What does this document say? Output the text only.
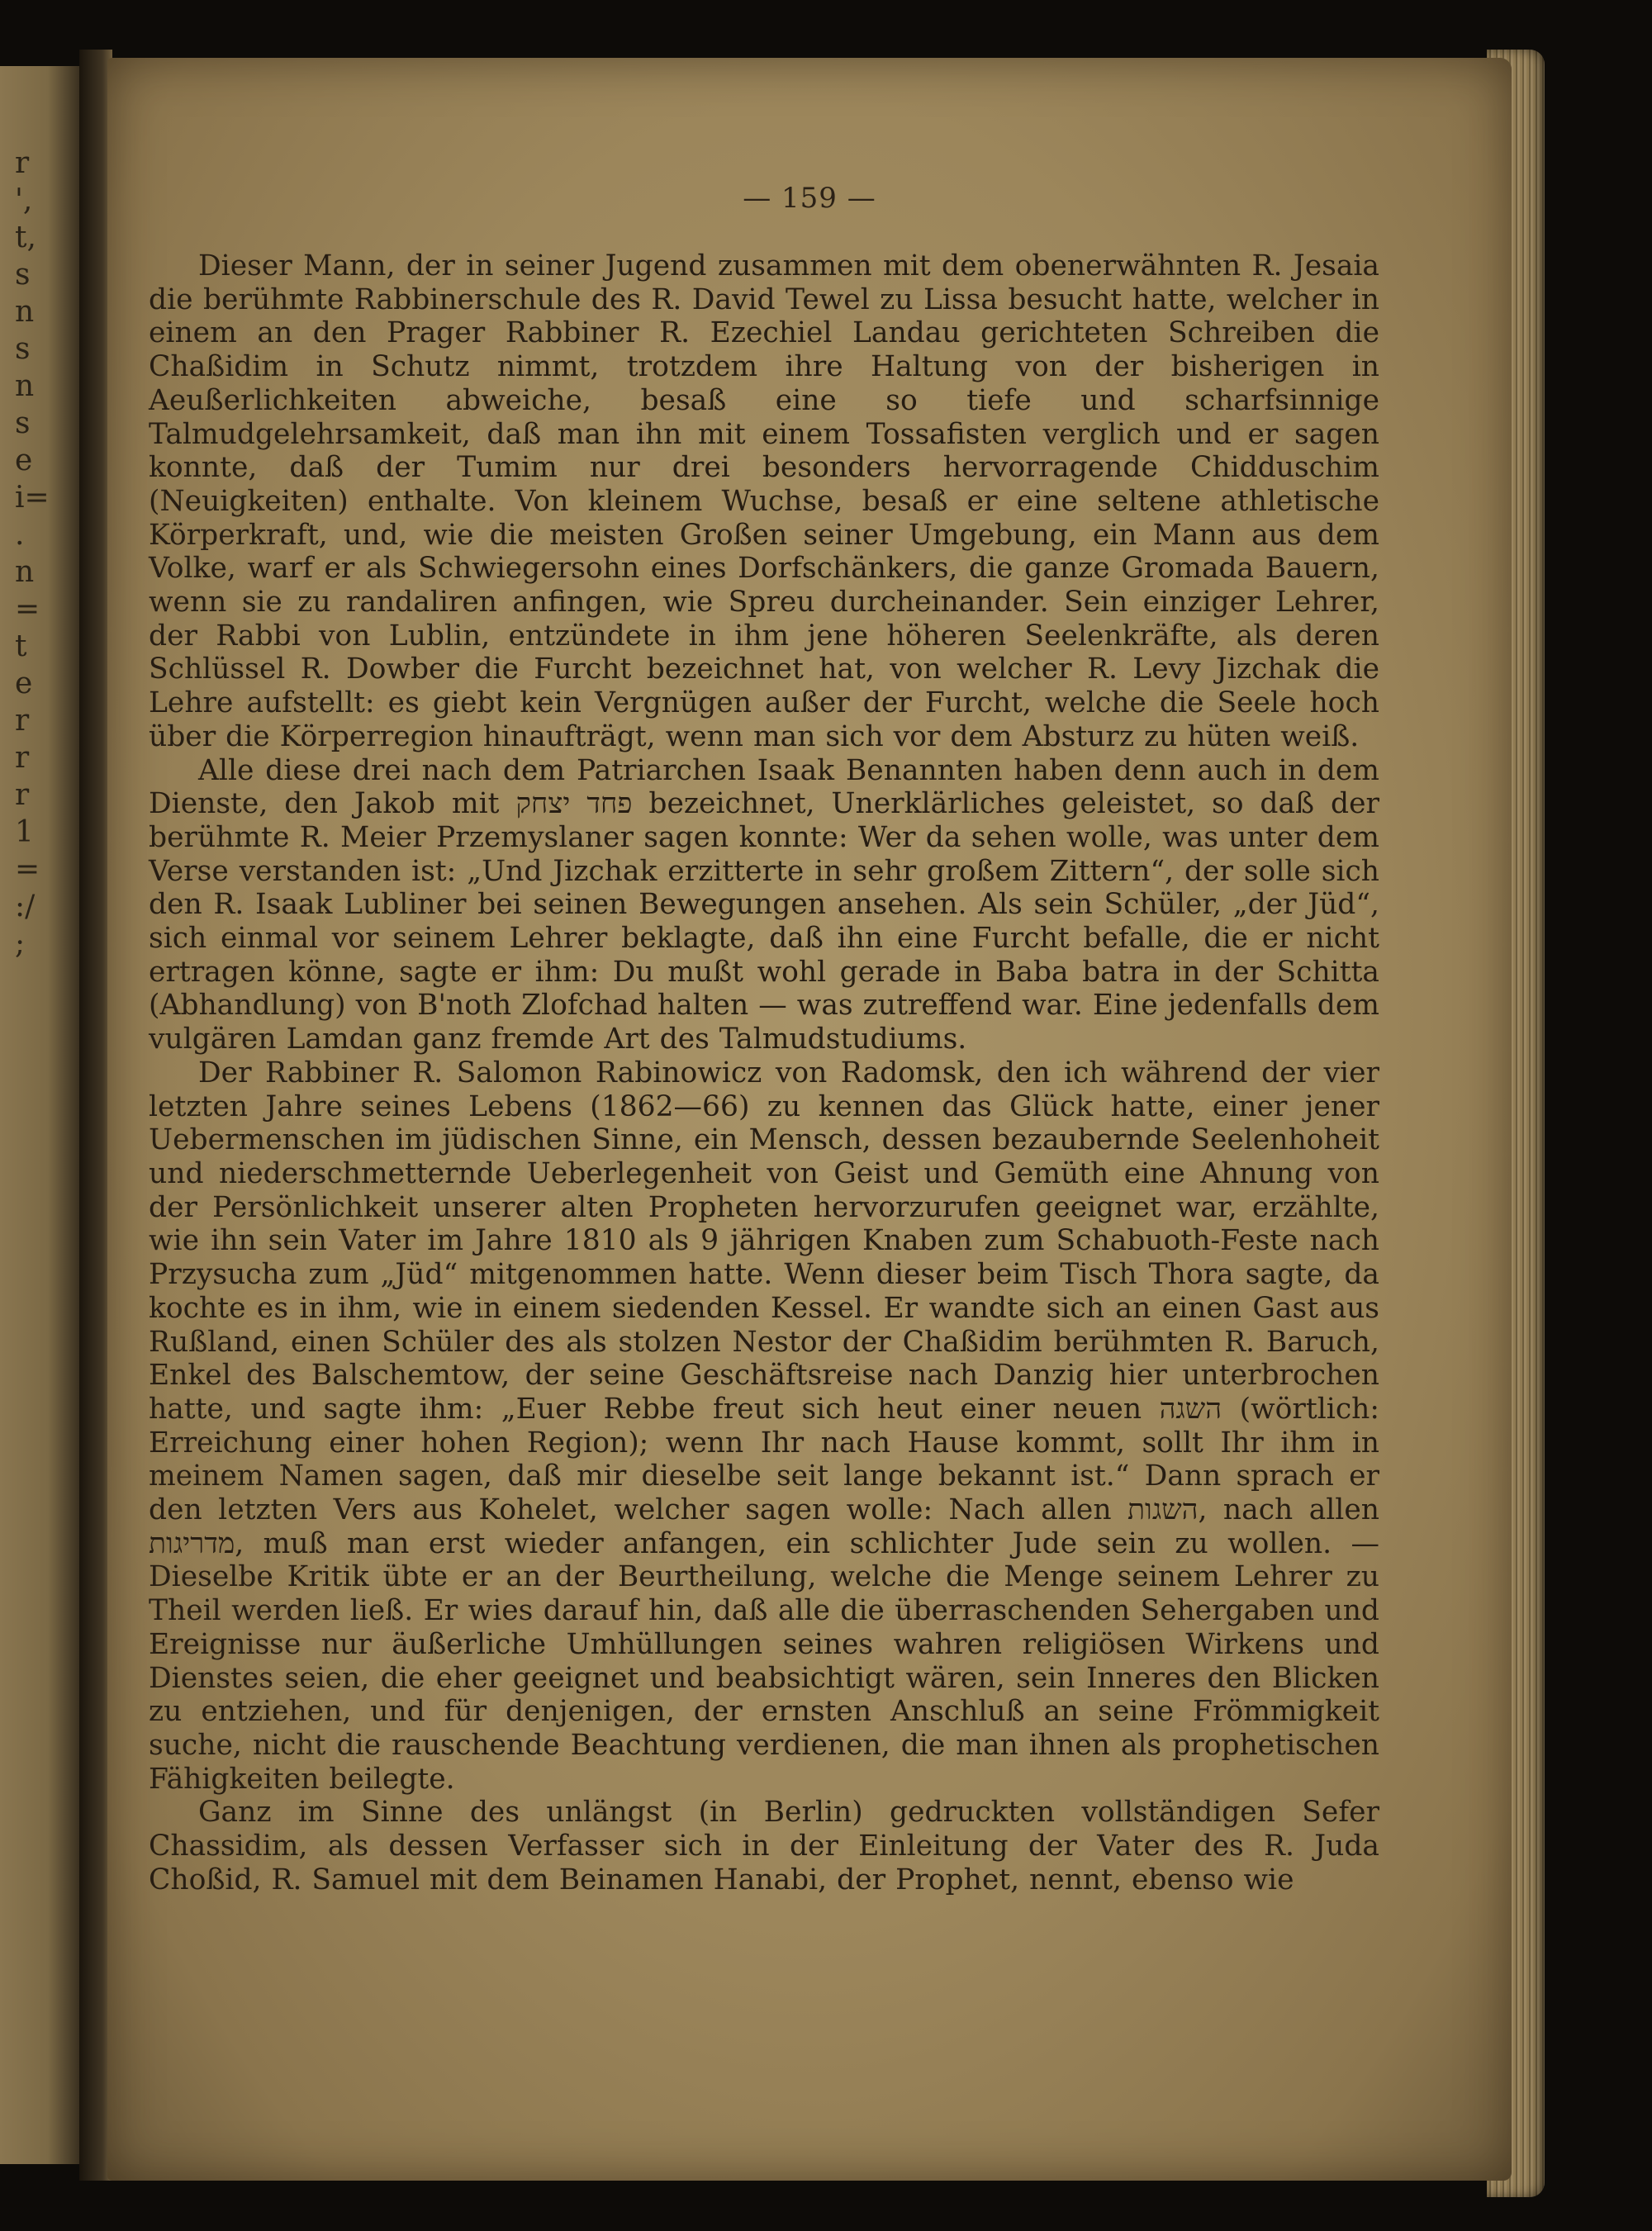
r
',
t,
s
n
s
n
s
e
i=
.
n
=
t
e
r
r
r
1
=
:/
;
— 159 —

Dieser Mann, der in seiner Jugend zusammen mit dem obenerwähnten R. Jesaia die berühmte Rabbinerschule des R. David Tewel zu Lissa besucht hatte, welcher in einem an den Prager Rabbiner R. Ezechiel Landau gerichteten Schreiben die Chaßidim in Schutz nimmt, trotzdem ihre Haltung von der bisherigen in Aeußerlichkeiten abweiche, besaß eine so tiefe und scharfsinnige Talmudgelehrsamkeit, daß man ihn mit einem Tossafisten verglich und er sagen konnte, daß der Tumim nur drei besonders hervorragende Chidduschim (Neuigkeiten) enthalte. Von kleinem Wuchse, besaß er eine seltene athletische Körperkraft, und, wie die meisten Großen seiner Umgebung, ein Mann aus dem Volke, warf er als Schwiegersohn eines Dorfschänkers, die ganze Gromada Bauern, wenn sie zu randaliren anfingen, wie Spreu durcheinander. Sein einziger Lehrer, der Rabbi von Lublin, entzündete in ihm jene höheren Seelenkräfte, als deren Schlüssel R. Dowber die Furcht bezeichnet hat, von welcher R. Levy Jizchak die Lehre aufstellt: es giebt kein Vergnügen außer der Furcht, welche die Seele hoch über die Körperregion hinaufträgt, wenn man sich vor dem Absturz zu hüten weiß.

Alle diese drei nach dem Patriarchen Isaak Benannten haben denn auch in dem Dienste, den Jakob mit פחד יצחק bezeichnet, Unerklärliches geleistet, so daß der berühmte R. Meier Przemyslaner sagen konnte: Wer da sehen wolle, was unter dem Verse verstanden ist: „Und Jizchak erzitterte in sehr großem Zittern“, der solle sich den R. Isaak Lubliner bei seinen Bewegungen ansehen. Als sein Schüler, „der Jüd“, sich einmal vor seinem Lehrer beklagte, daß ihn eine Furcht befalle, die er nicht ertragen könne, sagte er ihm: Du mußt wohl gerade in Baba batra in der Schitta (Abhandlung) von B'noth Zlofchad halten — was zutreffend war. Eine jedenfalls dem vulgären Lamdan ganz fremde Art des Talmudstudiums.

Der Rabbiner R. Salomon Rabinowicz von Radomsk, den ich während der vier letzten Jahre seines Lebens (1862—66) zu kennen das Glück hatte, einer jener Uebermenschen im jüdischen Sinne, ein Mensch, dessen bezaubernde Seelenhoheit und niederschmetternde Ueberlegenheit von Geist und Gemüth eine Ahnung von der Persönlichkeit unserer alten Propheten hervorzurufen geeignet war, erzählte, wie ihn sein Vater im Jahre 1810 als 9 jährigen Knaben zum Schabuoth-Feste nach Przysucha zum „Jüd“ mitgenommen hatte. Wenn dieser beim Tisch Thora sagte, da kochte es in ihm, wie in einem siedenden Kessel. Er wandte sich an einen Gast aus Rußland, einen Schüler des als stolzen Nestor der Chaßidim berühmten R. Baruch, Enkel des Balschemtow, der seine Geschäftsreise nach Danzig hier unterbrochen hatte, und sagte ihm: „Euer Rebbe freut sich heut einer neuen השגה (wörtlich: Erreichung einer hohen Region); wenn Ihr nach Hause kommt, sollt Ihr ihm in meinem Namen sagen, daß mir dieselbe seit lange bekannt ist.“ Dann sprach er den letzten Vers aus Kohelet, welcher sagen wolle: Nach allen השגות, nach allen מדריגות, muß man erst wieder anfangen, ein schlichter Jude sein zu wollen. — Dieselbe Kritik übte er an der Beurtheilung, welche die Menge seinem Lehrer zu Theil werden ließ. Er wies darauf hin, daß alle die überraschenden Sehergaben und Ereignisse nur äußerliche Umhüllungen seines wahren religiösen Wirkens und Dienstes seien, die eher geeignet und beabsichtigt wären, sein Inneres den Blicken zu entziehen, und für denjenigen, der ernsten Anschluß an seine Frömmigkeit suche, nicht die rauschende Beachtung verdienen, die man ihnen als prophetischen Fähigkeiten beilegte.

Ganz im Sinne des unlängst (in Berlin) gedruckten vollständigen Sefer Chassidim, als dessen Verfasser sich in der Einleitung der Vater des R. Juda Choßid, R. Samuel mit dem Beinamen Hanabi, der Prophet, nennt, ebenso wie
